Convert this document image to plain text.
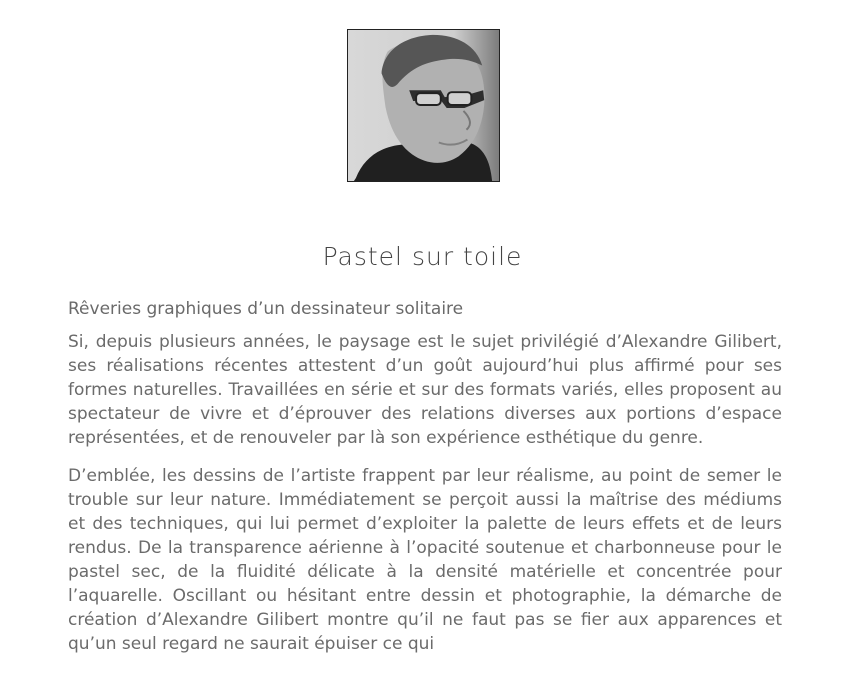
Pastel sur toile
Rêveries graphiques d’un dessinateur solitaire

Si, depuis plusieurs années, le paysage est le sujet privilégié d’Alexandre Gilibert, ses réalisations récentes attestent d’un goût aujourd’hui plus affirmé pour ses formes naturelles. Travaillées en série et sur des formats variés, elles proposent au spectateur de vivre et d’éprouver des relations diverses aux portions d’espace représentées, et de renouveler par là son expérience esthétique du genre.

D’emblée, les dessins de l’artiste frappent par leur réalisme, au point de semer le trouble sur leur nature. Immédiatement se perçoit aussi la maîtrise des médiums et des techniques, qui lui permet d’exploiter la palette de leurs effets et de leurs rendus. De la transparence aérienne à l’opacité soutenue et charbonneuse pour le pastel sec, de la fluidité délicate à la densité matérielle et concentrée pour l’aquarelle. Oscillant ou hésitant entre dessin et photographie, la démarche de création d’Alexandre Gilibert montre qu’il ne faut pas se fier aux apparences et qu’un seul regard ne saurait épuiser ce qui
